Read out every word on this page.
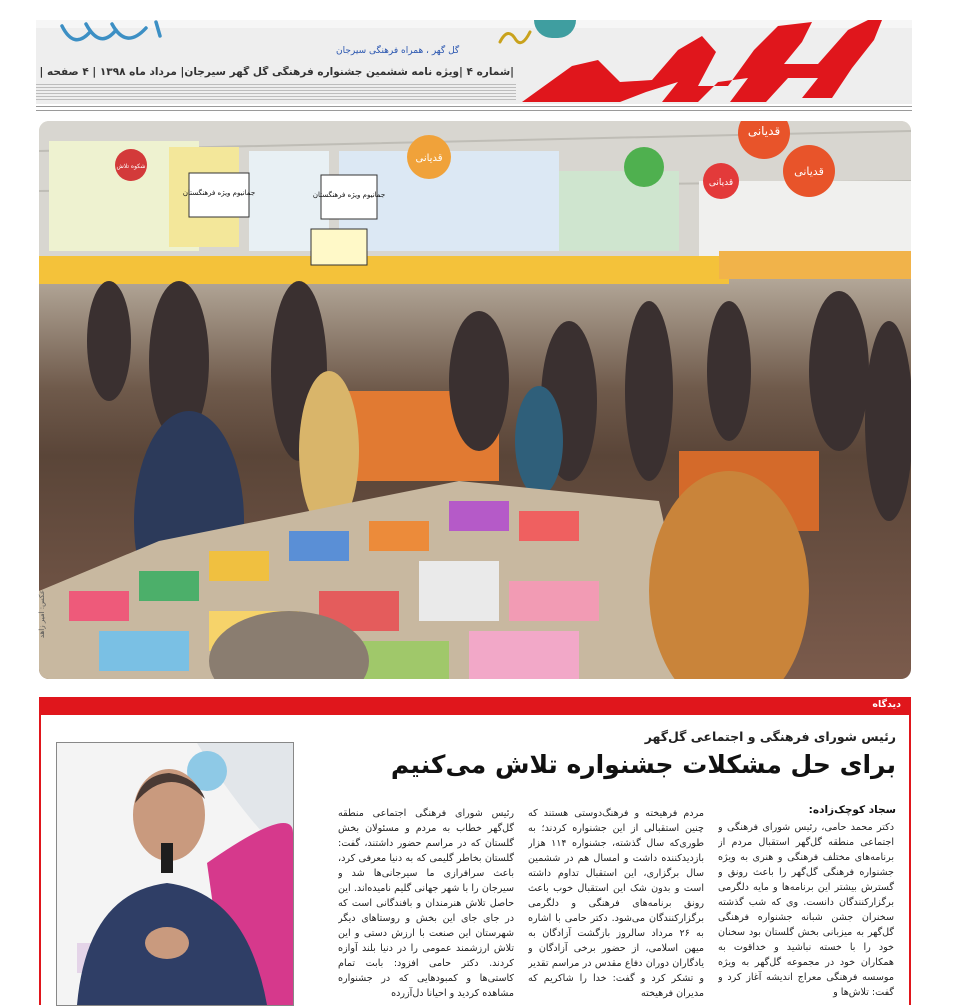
گل گهر ، همراه فرهنگی سیرجان
|شماره ۴ |ویژه نامه ششمین جشنواره فرهنگی گل گهر سیرجان| مرداد ماه ۱۳۹۸ | ۴ صفحه |
قدیانی
قدیانی
قدیانی
قدیانی
جمانیوم ویژه فرهنگستان	جمانیوم ویژه فرهنگستان
شکوه تلاش
عکس: امیر زاهد
دیدگاه
رئیس شورای فرهنگی و اجتماعی گل‌گهر
برای حل مشکلات جشنواره تلاش می‌کنیم
سجاد کوچک‌زاده:
دکتر محمد حامی، رئیس شورای فرهنگی و اجتماعی منطقه گل‌گهر استقبال مردم از برنامه‌های مختلف فرهنگی و هنری به ویژه جشنواره فرهنگی گل‌گهر را باعث رونق و گسترش بیشتر این برنامه‌ها و مایه دلگرمی برگزارکنندگان دانست. وی که شب گذشته سخنران جشن شبانه جشنواره فرهنگی گل‌گهر به میزبانی بخش گلستان بود سخنان خود را با خسته نباشید و خداقوت به همکاران خود در مجموعه گل‌گهر به ویژه موسسه فرهنگی معراج اندیشه آغاز کرد و گفت: تلاش‌ها و
مردم فرهیخته و فرهنگ‌دوستی هستند که چنین استقبالی از این جشنواره کردند؛ به طوری‌که سال گذشته، جشنواره ۱۱۴ هزار بازدیدکننده داشت و امسال هم در ششمین سال برگزاری، این استقبال تداوم داشته است و بدون شک این استقبال خوب باعث رونق برنامه‌های فرهنگی و دلگرمی برگزارکنندگان می‌شود. دکتر حامی با اشاره به ۲۶ مرداد سالروز بازگشت آزادگان به میهن اسلامی، از حضور برخی آزادگان و یادگاران دوران دفاع مقدس در مراسم تقدیر و تشکر کرد و گفت: خدا را شاکریم که مدیران فرهیخته
رئیس شورای فرهنگی اجتماعی منطقه گل‌گهر خطاب به مردم و مسئولان بخش گلستان که در مراسم حضور داشتند، گفت: گلستان بخاطر گلیمی که به دنیا معرفی کرد، باعث سرافرازی ما سیرجانی‌ها شد و سیرجان را با شهر جهانی گلیم نامیده‌اند. این حاصل تلاش هنرمندان و بافندگانی است که در جای جای این بخش و روستاهای دیگر شهرستان این صنعت با ارزش دستی و این تلاش ارزشمند عمومی را در دنیا بلند آوازه کردند. دکتر حامی افزود: بابت تمام کاستی‌ها و کمبودهایی که در جشنواره مشاهده کردید و احیانا دل‌آزرده
